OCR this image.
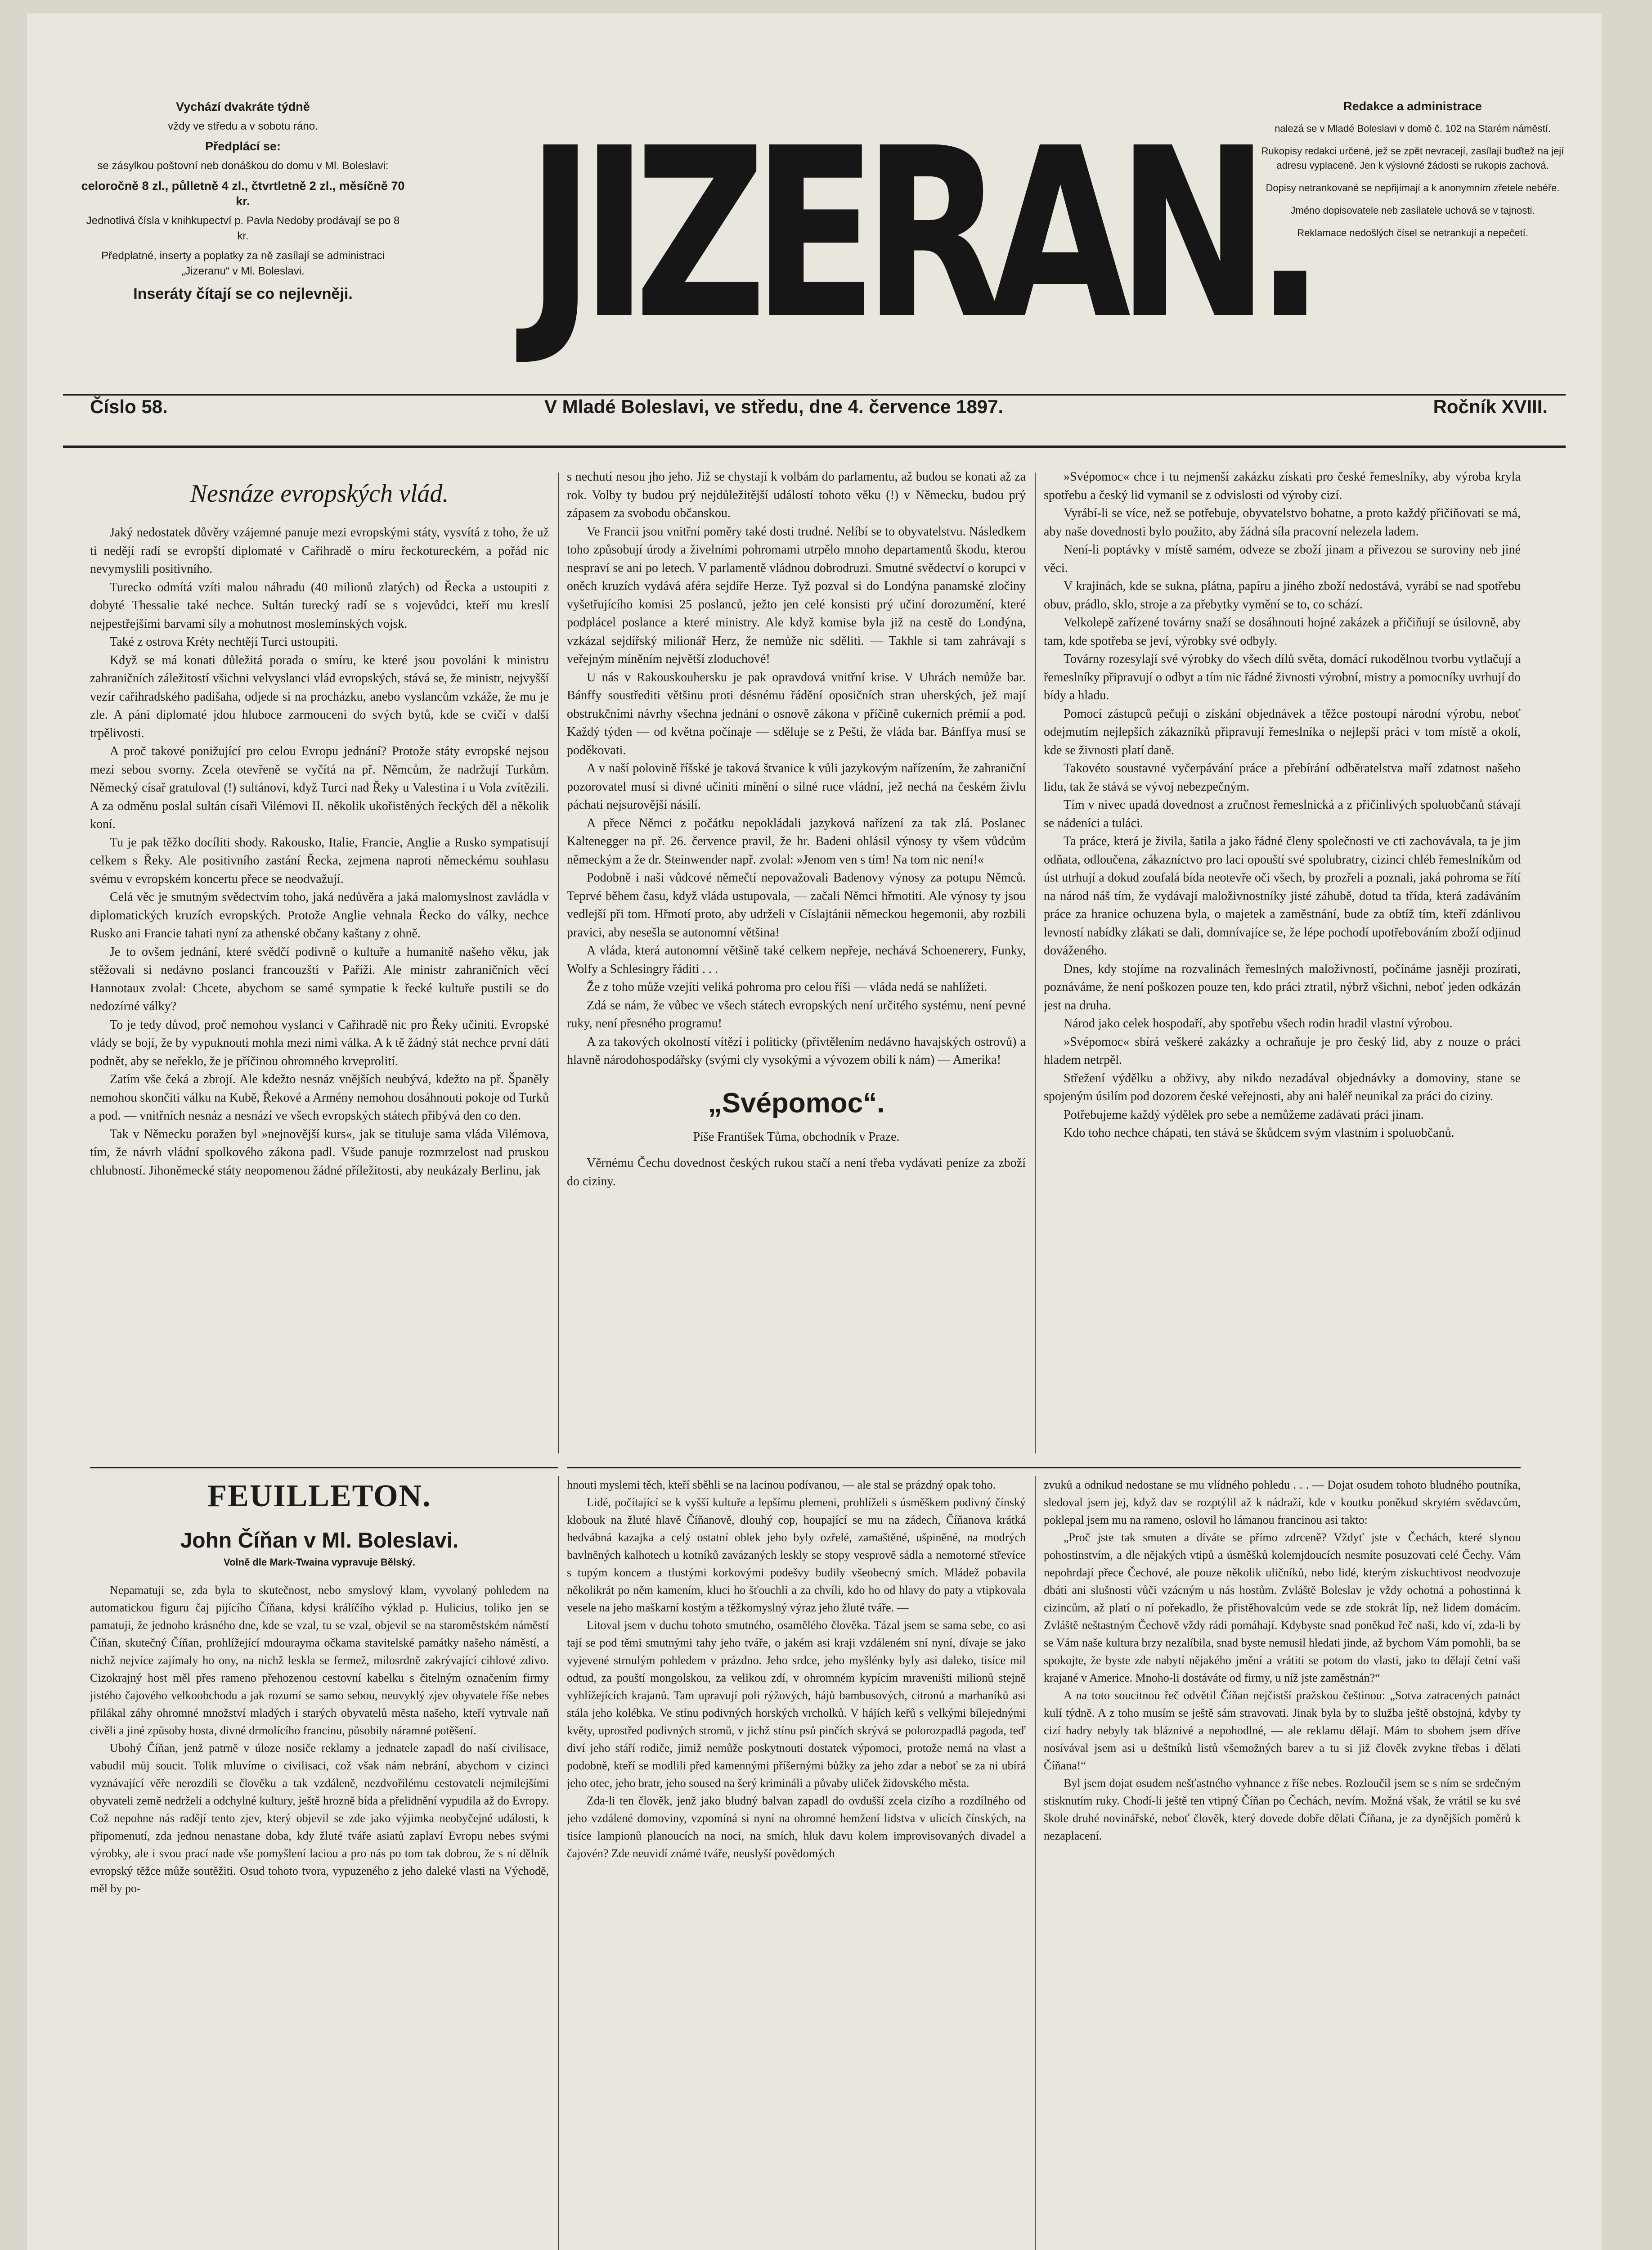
Vychází dvakráte týdně

vždy ve středu a v sobotu ráno.

Předplácí se:

se zásylkou poštovní neb donáškou do domu v Ml. Boleslavi:

celoročně 8 zl., půlletně 4 zl., čtvrtletně 2 zl., měsíčně 70 kr.

Jednotlivá čísla v knihkupectví p. Pavla Nedoby prodávají se po 8 kr.

Předplatné, inserty a poplatky za ně zasílají se administraci „Jizeranu“ v Ml. Boleslavi.

Inseráty čítají se co nejlevněji. JIZERAN.	Redakce a administrace

nalezá se v Mladé Boleslavi v domě č. 102 na Starém náměstí.

Rukopisy redakci určené, jež se zpět nevracejí, zasílají buďtež na její adresu vyplaceně. Jen k výslovné žádosti se rukopis zachová.

Dopisy netrankované se nepřijímají a k anonymním zřetele nebéře.

Jméno dopisovatele neb zasílatele uchová se v tajnosti.

Reklamace nedošlých čísel se netrankují a nepečetí.

Číslo 58.	V Mladé Boleslavi, ve středu, dne 4. července 1897.	Ročník XVIII.

Nesnáze evropských vlád.

Jaký nedostatek důvěry vzájemné panuje mezi evropskými státy, vysvítá z toho, že už ti nedějí radí se evropští diplomaté v Cařihradě o míru řeckotureckém, a pořád nic nevymyslili positivního.

Turecko odmítá vzíti malou náhradu (40 milionů zlatých) od Řecka a ustoupiti z dobyté Thessalie také nechce. Sultán turecký radí se s vojevůdci, kteří mu kreslí nejpestřejšími barvami síly a mohutnost moslemínských vojsk.

Také z ostrova Kréty nechtějí Turci ustoupiti.

Když se má konati důležitá porada o smíru, ke které jsou povoláni k ministru zahraničních záležitostí všichni velvyslanci vlád evropských, stává se, že ministr, nejvyšší vezír cařihradského padišaha, odjede si na procházku, anebo vyslancům vzkáže, že mu je zle. A páni diplomaté jdou hluboce zarmouceni do svých bytů, kde se cvičí v další trpělivosti.

A proč takové ponižující pro celou Evropu jednání? Protože státy evropské nejsou mezi sebou svorny. Zcela otevřeně se vyčítá na př. Němcům, že nadržují Turkům. Německý císař gratuloval (!) sultánovi, když Turci nad Řeky u Valestina i u Vola zvítězili. A za odměnu poslal sultán císaři Vilémovi II. několik ukořistěných řeckých děl a několik koní.

Tu je pak těžko docíliti shody. Rakousko, Italie, Francie, Anglie a Rusko sympatisují celkem s Řeky. Ale positivního zastání Řecka, zejmena naproti německému souhlasu svému v evropském koncertu přece se neodvažují.

Celá věc je smutným svědectvím toho, jaká nedůvěra a jaká malomyslnost zavládla v diplomatických kruzích evropských. Protože Anglie vehnala Řecko do války, nechce Rusko ani Francie tahati nyní za athenské občany kaštany z ohně.

Je to ovšem jednání, které svědčí podivně o kultuře a humanitě našeho věku, jak stěžovali si nedávno poslanci francouzští v Paříži. Ale ministr zahraničních věcí Hannotaux zvolal: Chcete, abychom se samé sympatie k řecké kultuře pustili se do nedozírné války?

To je tedy důvod, proč nemohou vyslanci v Cařihradě nic pro Řeky učiniti. Evropské vlády se bojí, že by vypuknouti mohla mezi nimi válka. A k tě žádný stát nechce první dáti podnět, aby se neřeklo, že je příčinou ohromného krveprolití.

Zatím vše čeká a zbrojí. Ale kdežto nesnáz vnějších neubývá, kdežto na př. Španěly nemohou skončiti válku na Kubě, Řekové a Armény nemohou dosáhnouti pokoje od Turků a pod. — vnitřních nesnáz a nesnází ve všech evropských státech přibývá den co den.

Tak v Německu poražen byl »nejnovější kurs«, jak se tituluje sama vláda Vilémova, tím, že návrh vládní spolkového zákona padl. Všude panuje rozmrzelost nad pruskou chlubností. Jihoněmecké státy neopomenou žádné příležitosti, aby neukázaly Berlinu, jak

s nechutí nesou jho jeho. Již se chystají k volbám do parlamentu, až budou se konati až za rok. Volby ty budou prý nejdůležitější událostí tohoto věku (!) v Německu, budou prý zápasem za svobodu občanskou.

Ve Francii jsou vnitřní poměry také dosti trudné. Nelíbí se to obyvatelstvu. Následkem toho způsobují úrody a živelními pohromami utrpělo mnoho departamentů škodu, kterou nespraví se ani po letech. V parlamentě vládnou dobrodruzi. Smutné svědectví o korupci v oněch kruzích vydává aféra sejdíře Herze. Tyž pozval si do Londýna panamské zločiny vyšetřujícího komisi 25 poslanců, ježto jen celé konsisti prý učiní dorozumění, které podplácel poslance a které ministry. Ale když komise byla již na cestě do Londýna, vzkázal sejdířský milionář Herz, že nemůže nic sděliti. — Takhle si tam zahrávají s veřejným míněním největší zloduchové!

U nás v Rakouskouhersku je pak opravdová vnitřní krise. V Uhrách nemůže bar. Bánffy soustřediti většinu proti désnému řádění oposičních stran uherských, jež mají obstrukčními návrhy všechna jednání o osnově zákona v příčině cukerních prémií a pod. Každý týden — od května počínaje — sděluje se z Pešti, že vláda bar. Bánffya musí se poděkovati.

A v naší polovině říšské je taková štvanice k vůli jazykovým nařízením, že zahraniční pozorovatel musí si divné učiniti mínění o silné ruce vládní, jež nechá na českém živlu páchati nejsurovější násilí.

A přece Němci z počátku nepokládali jazyková nařízení za tak zlá. Poslanec Kaltenegger na př. 26. července pravil, že hr. Badeni ohlásil výnosy ty všem vůdcům německým a že dr. Steinwender např. zvolal: »Jenom ven s tím! Na tom nic není!«

Podobně i naši vůdcové němečtí nepovažovali Badenovy výnosy za potupu Němců. Teprvé během času, když vláda ustupovala, — začali Němci hřmotiti. Ale výnosy ty jsou vedlejší při tom. Hřmotí proto, aby udrželi v Císlajtánii německou hegemonii, aby rozbili pravici, aby nesešla se autonomní většina!

A vláda, která autonomní většině také celkem nepřeje, nechává Schoenerery, Funky, Wolfy a Schlesingry řáditi . . .

Že z toho může vzejíti veliká pohroma pro celou říši — vláda nedá se nahlížeti.

Zdá se nám, že vůbec ve všech státech evropských není určitého systému, není pevné ruky, není přesného programu!

A za takových okolností vítězí i politicky (přivtělením nedávno havajských ostrovů) a hlavně národohospodářsky (svými cly vysokými a vývozem obilí k nám) — Amerika!

„Svépomoc“.

Píše František Tůma, obchodník v Praze.

Věrnému Čechu dovednost českých rukou stačí a není třeba vydávati peníze za zboží do ciziny.

»Svépomoc« chce i tu nejmenší zakázku získati pro české řemeslníky, aby výroba kryla spotřebu a český lid vymanil se z odvislosti od výroby cizí.

Vyrábí-li se více, než se potřebuje, obyvatelstvo bohatne, a proto každý přičiňovati se má, aby naše dovednosti bylo použito, aby žádná síla pracovní nelezela ladem.

Není-li poptávky v místě samém, odveze se zboží jinam a přivezou se suroviny neb jiné věci.

V krajinách, kde se sukna, plátna, papíru a jiného zboží nedostává, vyrábí se nad spotřebu obuv, prádlo, sklo, stroje a za přebytky vymění se to, co schází.

Velkolepě zařízené továrny snaží se dosáhnouti hojné zakázek a přičiňují se úsilovně, aby tam, kde spotřeba se jeví, výrobky své odbyly.

Továrny rozesylají své výrobky do všech dílů světa, domácí rukodělnou tvorbu vytlačují a řemeslníky připravují o odbyt a tím nic řádné živnosti výrobní, mistry a pomocníky uvrhují do bídy a hladu.

Pomocí zástupců pečují o získání objednávek a těžce postoupí národní výrobu, neboť odejmutím nejlepších zákazníků připravují řemeslníka o nejlepší práci v tom místě a okolí, kde se živnosti platí daně.

Takovéto soustavné vyčerpávání práce a přebírání odběratelstva maří zdatnost našeho lidu, tak že stává se vývoj nebezpečným.

Tím v nivec upadá dovednost a zručnost řemeslnická a z přičinlivých spoluobčanů stávají se nádeníci a tuláci.

Ta práce, která je živila, šatila a jako řádné členy společnosti ve cti zachovávala, ta je jim odňata, odloučena, zákazníctvo pro laci opouští své spolubratry, cizinci chléb řemeslníkům od úst utrhují a dokud zoufalá bída neotevře oči všech, by prozřeli a poznali, jaká pohroma se řítí na národ náš tím, že vydávají maloživnostníky jisté záhubě, dotud ta třída, která zadáváním práce za hranice ochuzena byla, o majetek a zaměstnání, bude za obtíž tím, kteří zdánlivou levností nabídky zlákati se dali, domnívajíce se, že lépe pochodí upotřebováním zboží odjinud dováženého.

Dnes, kdy stojíme na rozvalinách řemeslných maloživností, počínáme jasněji prozírati, poznáváme, že není poškozen pouze ten, kdo práci ztratil, nýbrž všichni, neboť jeden odkázán jest na druha.

Národ jako celek hospodaří, aby spotřebu všech rodin hradil vlastní výrobou.

»Svépomoc« sbírá veškeré zakázky a ochraňuje je pro český lid, aby z nouze o práci hladem netrpěl.

Střežení výdělku a obživy, aby nikdo nezadával objednávky a domoviny, stane se spojeným úsilím pod dozorem české veřejnosti, aby ani haléř neunikal za práci do ciziny.

Potřebujeme každý výdělek pro sebe a nemůžeme zadávati práci jinam.

Kdo toho nechce chápati, ten stává se škůdcem svým vlastním i spoluobčanů.

FEUILLETON.

John Číňan v Ml. Boleslavi.

Volně dle Mark-Twaina vypravuje Bělský.

Nepamatuji se, zda byla to skutečnost, nebo smyslový klam, vyvolaný pohledem na automatickou figuru čaj pijícího Číňana, kdysi králíčího výklad p. Hulicius, toliko jen se pamatuji, že jednoho krásného dne, kde se vzal, tu se vzal, objevil se na staroměstském náměstí Číňan, skutečný Číňan, prohlížející mdourayma očkama stavitelské památky našeho náměstí, a nichž nejvíce zajímaly ho ony, na nichž leskla se fermež, milosrdně zakrývající cihlové zdivo. Cizokrajný host měl přes rameno přehozenou cestovní kabelku s čitelným označením firmy jistého čajového velkoobchodu a jak rozumí se samo sebou, neuvyklý zjev obyvatele říše nebes přilákal záhy ohromné množství mladých i starých obyvatelů města našeho, kteří vytrvale naň civěli a jiné způsoby hosta, divné drmolícího francinu, působily náramné potěšení.

Ubohý Číňan, jenž patrně v úloze nosiče reklamy a jednatele zapadl do naší civilisace, vabudil můj soucit. Tolik mluvíme o civilisaci, což však nám nebrání, abychom v cizinci vyznávající věře nerozdili se člověku a tak vzdáleně, nezdvořilému cestovateli nejmilejšími obyvateli země nedrželi a odchylné kultury, ještě hrozně bída a přelidnění vypudila až do Evropy. Což nepohne nás radějí tento zjev, který objevil se zde jako výjimka neobyčejné události, k připomenutí, zda jednou nenastane doba, kdy žluté tváře asiatů zaplaví Evropu nebes svými výrobky, ale i svou prací nade vše pomyšlení laciou a pro nás po tom tak dobrou, že s ní dělník evropský těžce může soutěžiti. Osud tohoto tvora, vypuzeného z jeho daleké vlasti na Východě, měl by po-

hnouti myslemi těch, kteří sběhli se na lacinou podívanou, — ale stal se prázdný opak toho.

Lidé, počítající se k vyšší kultuře a lepšímu plemeni, prohlíželi s úsměškem podivný čínský klobouk na žluté hlavě Číňanově, dlouhý cop, houpající se mu na zádech, Číňanova krátká hedvábná kazajka a celý ostatní oblek jeho byly ozřelé, zamaštěné, ušpiněné, na modrých bavlněných kalhotech u kotníků zavázaných leskly se stopy vesprově sádla a nemotorné střevíce s tupým koncem a tlustými korkovými podešvy budily všeobecný smích. Mládež pobavila několikrát po něm kamením, kluci ho šťouchli a za chvíli, kdo ho od hlavy do paty a vtipkovala vesele na jeho maškarní kostým a těžkomyslný výraz jeho žluté tváře. —

Litoval jsem v duchu tohoto smutného, osamělého člověka. Tázal jsem se sama sebe, co asi tají se pod těmi smutnými tahy jeho tváře, o jakém asi kraji vzdáleném sní nyní, dívaje se jako vyjevené strnulým pohledem v prázdno. Jeho srdce, jeho myšlénky byly asi daleko, tisíce mil odtud, za pouští mongolskou, za velikou zdí, v ohromném kypícím mraveništi milionů stejně vyhlížejících krajanů. Tam upravují poli rýžových, hájů bambusových, citronů a marhaníků asi stála jeho kolébka. Ve stínu podivných horských vrcholků. V hájích keřů s velkými bílejednými květy, uprostřed podivných stromů, v jichž stínu psů pinčích skrývá se polorozpadlá pagoda, teď diví jeho stáří rodiče, jimiž nemůže poskytnouti dostatek výpomoci, protože nemá na vlast a podobně, kteří se modlili před kamennými příšernými bůžky za jeho zdar a neboť se za ni ubírá jeho otec, jeho bratr, jeho soused na šerý krimináli a půvaby uliček židovského města.

Zda-li ten člověk, jenž jako bludný balvan zapadl do ovdušší zcela cizího a rozdílného od jeho vzdálené domoviny, vzpomíná si nyní na ohromné hemžení lidstva v ulicích čínských, na tisíce lampionů planoucích na noci, na smích, hluk davu kolem improvisovaných divadel a čajovén? Zde neuvidí známé tváře, neuslyší povědomých

zvuků a odnikud nedostane se mu vlídného pohledu . . . — Dojat osudem tohoto bludného poutníka, sledoval jsem jej, když dav se rozptýlil až k nádraží, kde v koutku poněkud skrytém svědavcům, poklepal jsem mu na rameno, oslovil ho lámanou francinou asi takto:

„Proč jste tak smuten a díváte se přímo zdrceně? Vždyť jste v Čechách, které slynou pohostinstvím, a dle nějakých vtipů a úsměšků kolemjdoucích nesmíte posuzovati celé Čechy. Vám nepohrdají přece Čechové, ale pouze několik uličníků, nebo lidé, kterým ziskuchtivost neodvozuje dbáti ani slušnosti vůči vzácným u nás hostům. Zvláště Boleslav je vždy ochotná a pohostinná k cizincům, až platí o ní pořekadlo, že přistěhovalcům vede se zde stokrát líp, než lidem domácím. Zvláště neštastným Čechově vždy rádi pomáhají. Kdybyste snad poněkud řeč naši, kdo ví, zda-li by se Vám naše kultura brzy nezalíbila, snad byste nemusil hledati jinde, až bychom Vám pomohli, ba se spokojte, že byste zde nabytí nějakého jmění a vrátiti se potom do vlasti, jako to dělají četní vaši krajané v Americe. Mnoho-li dostáváte od firmy, u níž jste zaměstnán?“

A na toto soucitnou řeč odvětil Číňan nejčistší pražskou češtinou: „Sotva zatracených patnáct kulí týdně. A z toho musím se ještě sám stravovati. Jinak byla by to služba ještě obstojná, kdyby ty cizí hadry nebyly tak bláznivé a nepohodlné, — ale reklamu dělají. Mám to sbohem jsem dříve nosívával jsem asi u deštníků listů všemožných barev a tu si již člověk zvykne třebas i dělati Číňana!“

Byl jsem dojat osudem nešťastného vyhnance z říše nebes. Rozloučil jsem se s ním se srdečným stisknutím ruky. Chodí-li ještě ten vtipný Číňan po Čechách, nevím. Možná však, že vrátil se ku své škole druhé novinářské, neboť člověk, který dovede dobře dělati Číňana, je za dynějších poměrů k nezaplacení.
